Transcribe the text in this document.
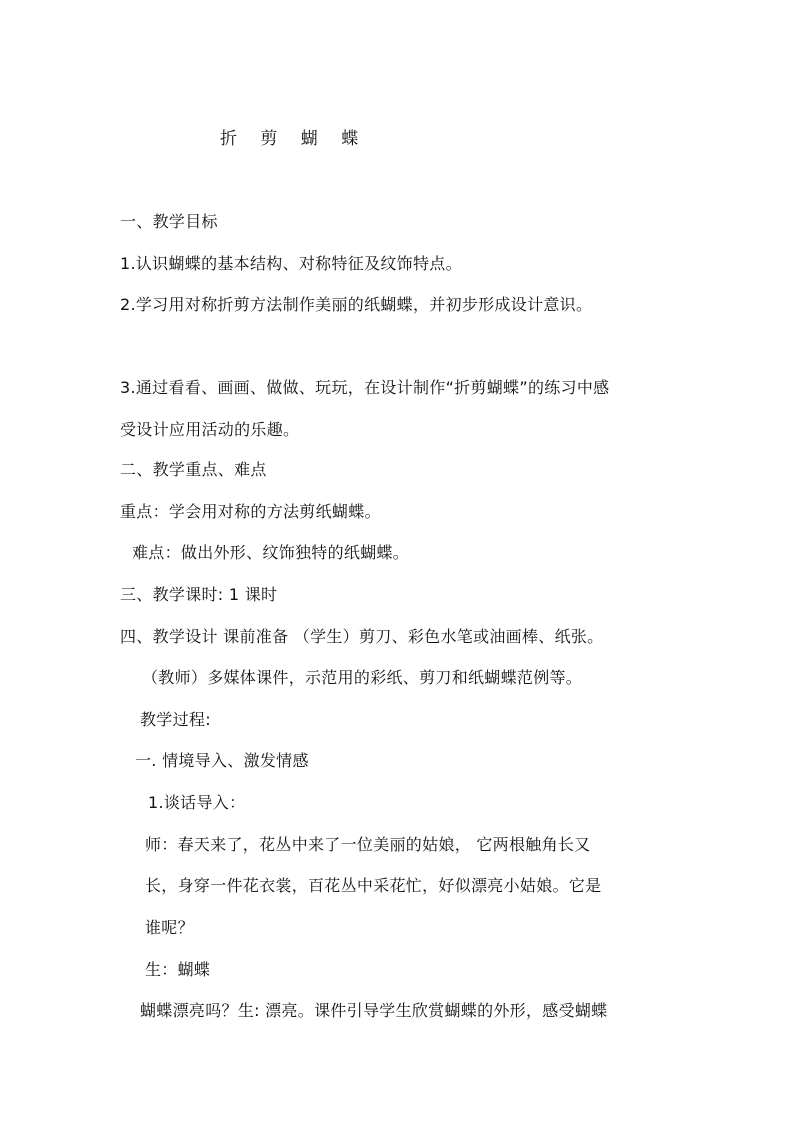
折 剪 蝴 蝶
一、教学目标
1.认识蝴蝶的基本结构、对称特征及纹饰特点。
2.学习用对称折剪方法制作美丽的纸蝴蝶，并初步形成设计意识。
3.通过看看、画画、做做、玩玩，在设计制作“折剪蝴蝶”的练习中感
受设计应用活动的乐趣。
二、教学重点、难点
重点：学会用对称的方法剪纸蝴蝶。
难点：做出外形、纹饰独特的纸蝴蝶。
三、教学课时: 1 课时
四、教学设计 课前准备 （学生）剪刀、彩色水笔或油画棒、纸张。
（教师）多媒体课件，示范用的彩纸、剪刀和纸蝴蝶范例等。
教学过程:
一. 情境导入、激发情感
1.谈话导入：
师：春天来了，花丛中来了一位美丽的姑娘， 它两根触角长又
长，身穿一件花衣裳，百花丛中采花忙，好似漂亮小姑娘。它是
谁呢？
生：蝴蝶
蝴蝶漂亮吗？生: 漂亮。课件引导学生欣赏蝴蝶的外形，感受蝴蝶
